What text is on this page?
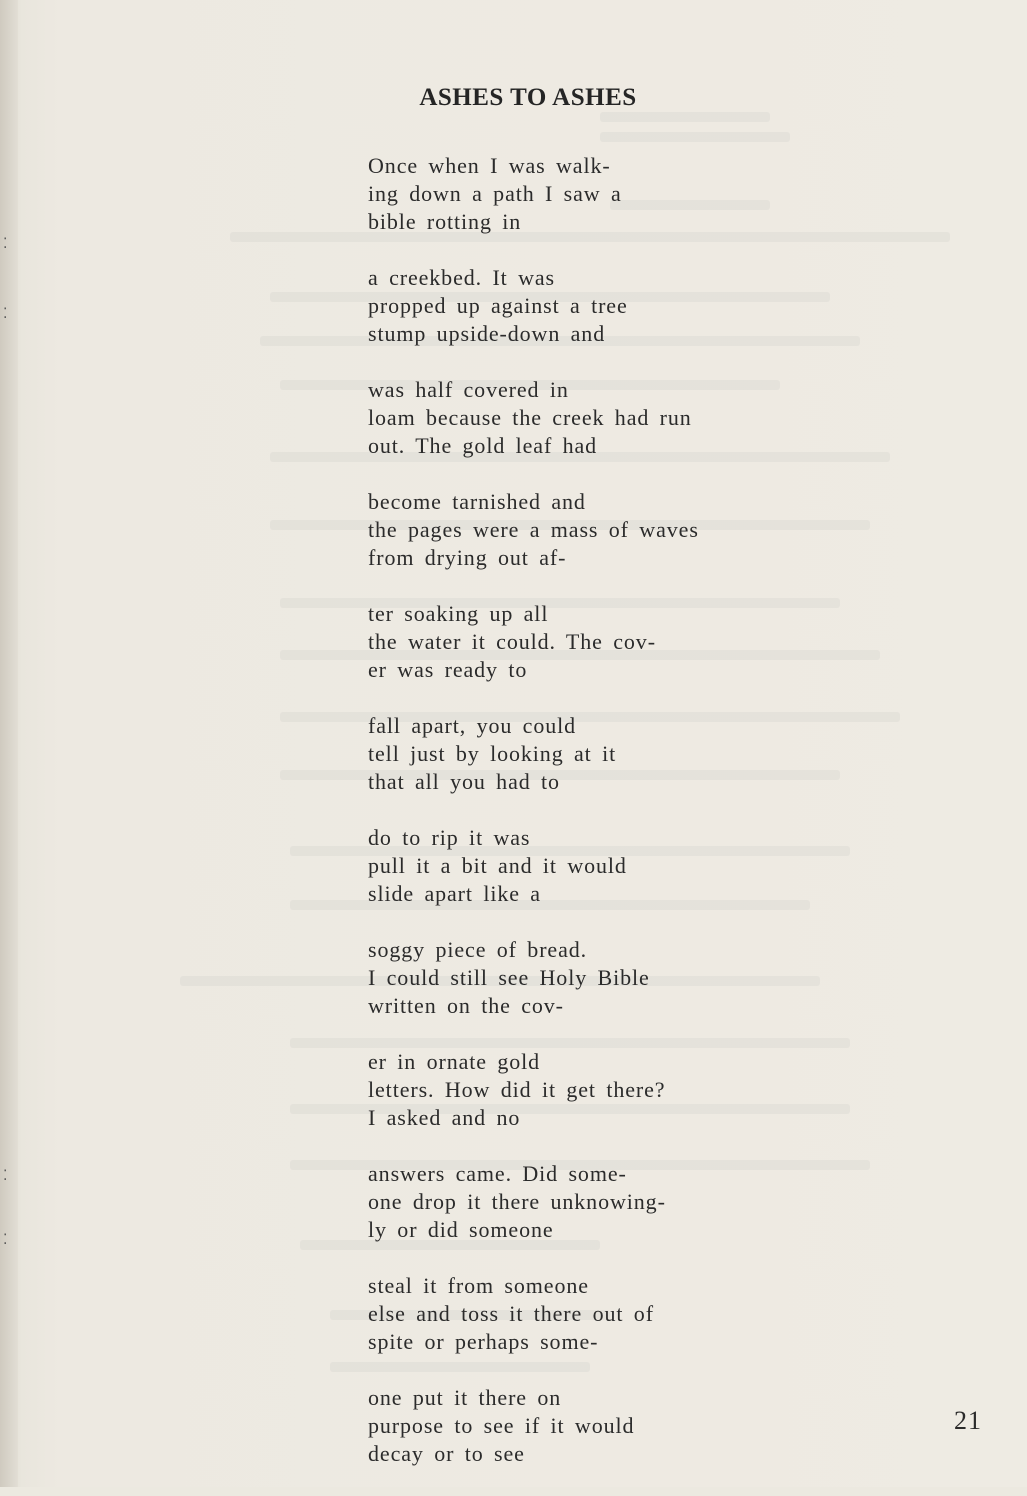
⁚
⁚
⁚
⁚
ASHES TO ASHES
Once when I was walk-
ing down a path I saw a
bible rotting in
a creekbed. It was
propped up against a tree
stump upside-down and
was half covered in
loam because the creek had run
out. The gold leaf had
become tarnished and
the pages were a mass of waves
from drying out af-
ter soaking up all
the water it could. The cov-
er was ready to
fall apart, you could
tell just by looking at it
that all you had to
do to rip it was
pull it a bit and it would
slide apart like a
soggy piece of bread.
I could still see Holy Bible
written on the cov-
er in ornate gold
letters. How did it get there?
I asked and no
answers came. Did some-
one drop it there unknowing-
ly or did someone
steal it from someone
else and toss it there out of
spite or perhaps some-
one put it there on
purpose to see if it would
decay or to see
21
